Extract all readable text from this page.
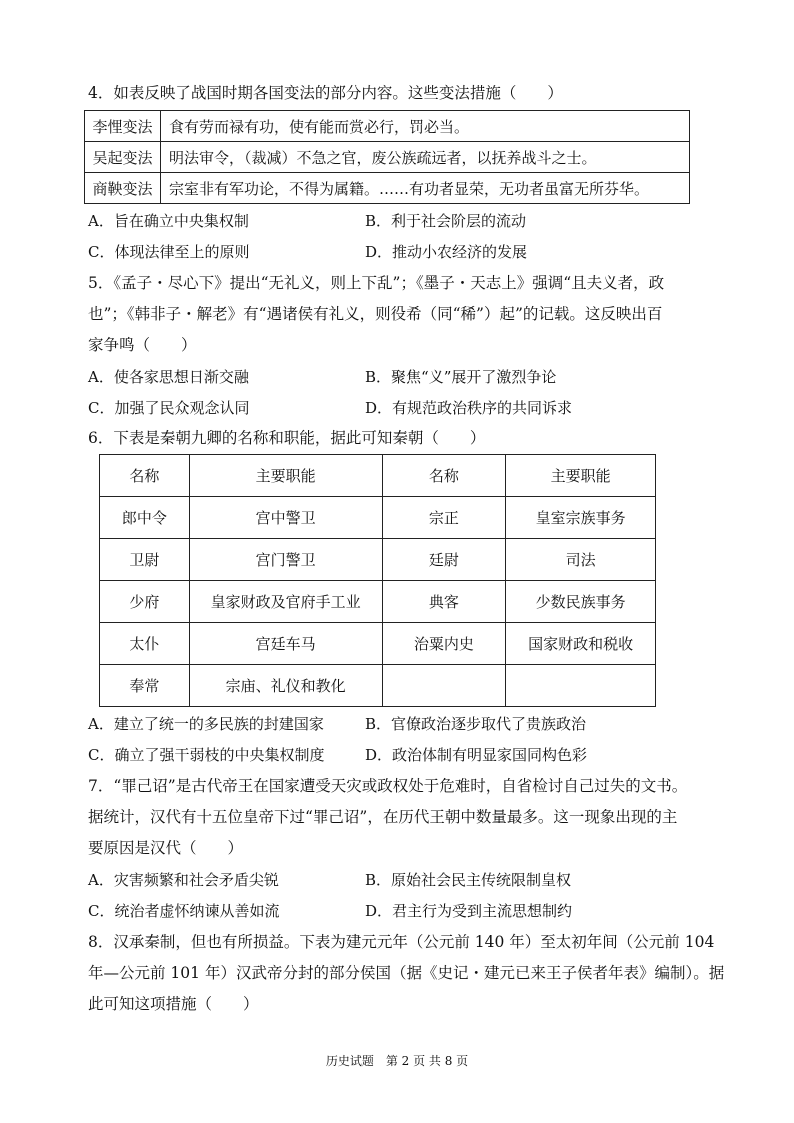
4．如表反映了战国时期各国变法的部分内容。这些变法措施（　　）
李悝变法	食有劳而禄有功，使有能而赏必行，罚必当。
吴起变法	明法审令，（裁减）不急之官，废公族疏远者，以抚养战斗之士。
商鞅变法	宗室非有军功论，不得为属籍。……有功者显荣，无功者虽富无所芬华。
A．旨在确立中央集权制	B．利于社会阶层的流动
C．体现法律至上的原则	D．推动小农经济的发展
5．《孟子・尽心下》提出“无礼义，则上下乱”；《墨子・天志上》强调“且夫义者，政
也”；《韩非子・解老》有“遇诸侯有礼义，则役希（同“稀”）起”的记载。这反映出百
家争鸣（　　）
A．使各家思想日渐交融	B．聚焦“义”展开了激烈争论
C．加强了民众观念认同	D．有规范政治秩序的共同诉求
6．下表是秦朝九卿的名称和职能，据此可知秦朝（　　）
名称	主要职能	名称	主要职能
郎中令	宫中警卫	宗正	皇室宗族事务
卫尉	宫门警卫	廷尉	司法
少府	皇家财政及官府手工业	典客	少数民族事务
太仆	宫廷车马	治粟内史	国家财政和税收
奉常	宗庙、礼仪和教化		
A．建立了统一的多民族的封建国家	B．官僚政治逐步取代了贵族政治
C．确立了强干弱枝的中央集权制度	D．政治体制有明显家国同构色彩
7．“罪己诏”是古代帝王在国家遭受天灾或政权处于危难时，自省检讨自己过失的文书。
据统计，汉代有十五位皇帝下过“罪己诏”，在历代王朝中数量最多。这一现象出现的主
要原因是汉代（　　）
A．灾害频繁和社会矛盾尖锐	B．原始社会民主传统限制皇权
C．统治者虚怀纳谏从善如流	D．君主行为受到主流思想制约
8．汉承秦制，但也有所损益。下表为建元元年（公元前 140 年）至太初年间（公元前 104
年—公元前 101 年）汉武帝分封的部分侯国（据《史记・建元已来王子侯者年表》编制）。据
此可知这项措施（　　）
历史试题　第 2 页 共 8 页
